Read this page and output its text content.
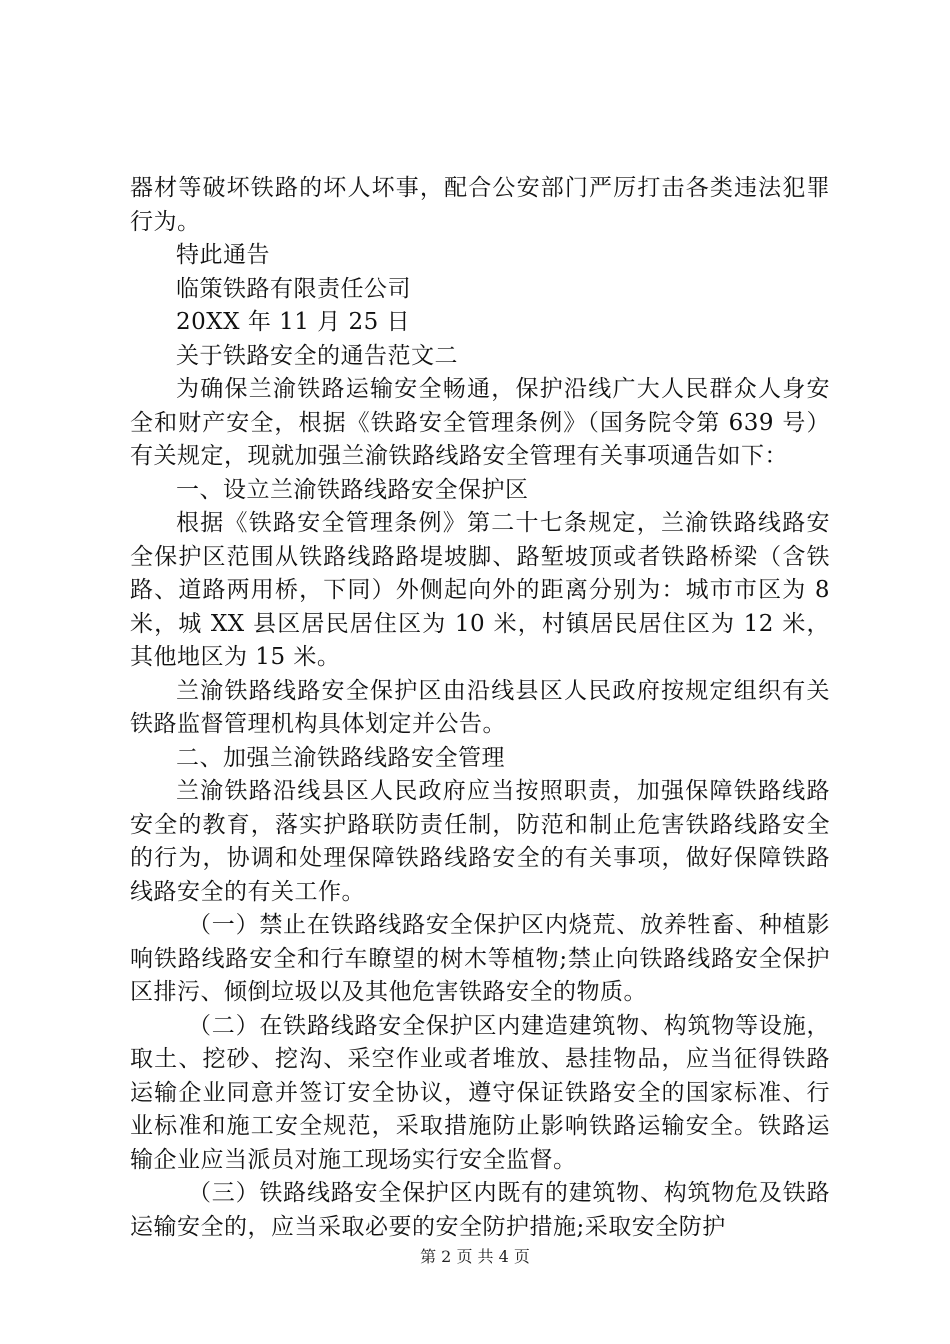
器材等破坏铁路的坏人坏事，配合公安部门严厉打击各类违法犯罪行为。

特此通告

临策铁路有限责任公司

20XX 年 11 月 25 日

关于铁路安全的通告范文二

为确保兰渝铁路运输安全畅通，保护沿线广大人民群众人身安全和财产安全，根据《铁路安全管理条例》（国务院令第 639 号）有关规定，现就加强兰渝铁路线路安全管理有关事项通告如下：

一、设立兰渝铁路线路安全保护区

根据《铁路安全管理条例》第二十七条规定，兰渝铁路线路安全保护区范围从铁路线路路堤坡脚、路堑坡顶或者铁路桥梁（含铁路、道路两用桥，下同）外侧起向外的距离分别为：城市市区为 8 米，城 XX 县区居民居住区为 10 米，村镇居民居住区为 12 米，其他地区为 15 米。

兰渝铁路线路安全保护区由沿线县区人民政府按规定组织有关铁路监督管理机构具体划定并公告。

二、加强兰渝铁路线路安全管理

兰渝铁路沿线县区人民政府应当按照职责，加强保障铁路线路安全的教育，落实护路联防责任制，防范和制止危害铁路线路安全的行为，协调和处理保障铁路线路安全的有关事项，做好保障铁路线路安全的有关工作。

（一）禁止在铁路线路安全保护区内烧荒、放养牲畜、种植影响铁路线路安全和行车瞭望的树木等植物;禁止向铁路线路安全保护区排污、倾倒垃圾以及其他危害铁路安全的物质。

（二）在铁路线路安全保护区内建造建筑物、构筑物等设施，取土、挖砂、挖沟、采空作业或者堆放、悬挂物品，应当征得铁路运输企业同意并签订安全协议，遵守保证铁路安全的国家标准、行业标准和施工安全规范，采取措施防止影响铁路运输安全。铁路运输企业应当派员对施工现场实行安全监督。

（三）铁路线路安全保护区内既有的建筑物、构筑物危及铁路运输安全的，应当采取必要的安全防护措施;采取安全防护

第 2 页 共 4 页
